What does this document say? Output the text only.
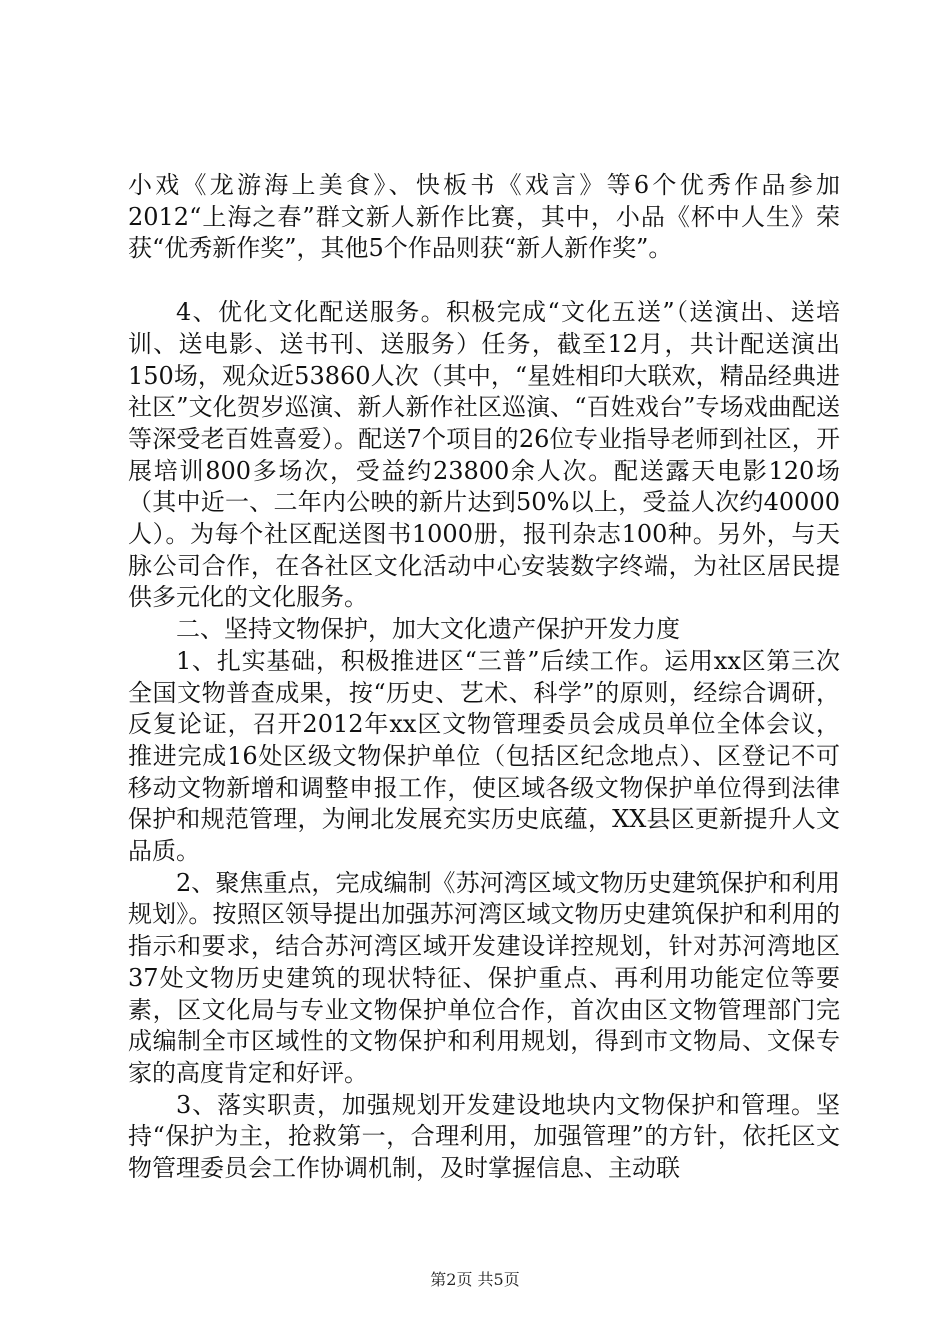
小戏《龙游海上美食》、快板书《戏言》等6个优秀作品参加2012“上海之春”群文新人新作比赛，其中，小品《杯中人生》荣获“优秀新作奖”，其他5个作品则获“新人新作奖”。

4、优化文化配送服务。积极完成“文化五送”（送演出、送培训、送电影、送书刊、送服务）任务，截至12月，共计配送演出150场，观众近53860人次（其中，“星姓相印大联欢，精品经典进社区”文化贺岁巡演、新人新作社区巡演、“百姓戏台”专场戏曲配送等深受老百姓喜爱）。配送7个项目的26位专业指导老师到社区，开展培训800多场次，受益约23800余人次。配送露天电影120场（其中近一、二年内公映的新片达到50%以上，受益人次约40000人）。为每个社区配送图书1000册，报刊杂志100种。另外，与天脉公司合作，在各社区文化活动中心安装数字终端，为社区居民提供多元化的文化服务。

二、坚持文物保护，加大文化遗产保护开发力度

1、扎实基础，积极推进区“三普”后续工作。运用xx区第三次全国文物普查成果，按“历史、艺术、科学”的原则，经综合调研，反复论证，召开2012年xx区文物管理委员会成员单位全体会议，推进完成16处区级文物保护单位（包括区纪念地点）、区登记不可移动文物新增和调整申报工作，使区域各级文物保护单位得到法律保护和规范管理，为闸北发展充实历史底蕴，XX县区更新提升人文品质。

2、聚焦重点，完成编制《苏河湾区域文物历史建筑保护和利用规划》。按照区领导提出加强苏河湾区域文物历史建筑保护和利用的指示和要求，结合苏河湾区域开发建设详控规划，针对苏河湾地区37处文物历史建筑的现状特征、保护重点、再利用功能定位等要素，区文化局与专业文物保护单位合作，首次由区文物管理部门完成编制全市区域性的文物保护和利用规划，得到市文物局、文保专家的高度肯定和好评。

3、落实职责，加强规划开发建设地块内文物保护和管理。坚持“保护为主，抢救第一，合理利用，加强管理”的方针，依托区文物管理委员会工作协调机制，及时掌握信息、主动联

第2页 共5页
